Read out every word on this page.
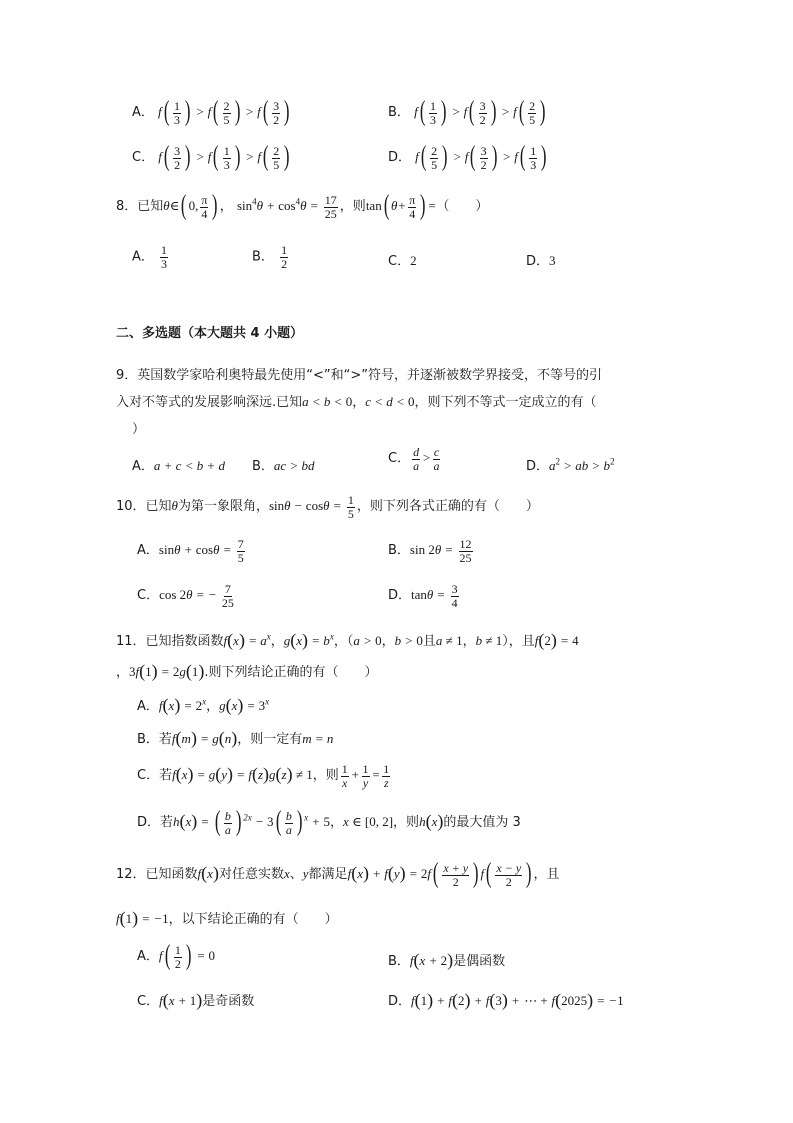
A． $f( \frac{1}{3}$ ) > $f( \frac{2}{5}$ ) > $f( \frac{3}{2}$ )	B． $f( \frac{1}{3}$ ) > $f( \frac{3}{2}$ ) > $f( \frac{2}{5}$ )
C． $f( \frac{3}{2}$ ) > $f( \frac{1}{3}$ ) > $f( \frac{2}{5}$ )	D． $f( \frac{2}{5}$ ) > $f( \frac{3}{2}$ ) > $f( \frac{1}{3}$ )
8．已知θ∈( 0, $\frac{\pi}{4}$ ) ， $\sin^4\theta + \cos^4\theta = \frac{17}{25}$ ，则tan( $\theta+ \frac{\pi}{4}$ ) =（　　）
A． $\frac{1}{3}$	B． $\frac{1}{2}$	C．2	D．3
二、多选题（本大题共 4 小题）
9．英国数学家哈利奥特最先使用“<”和“>”符号，并逐渐被数学界接受，不等号的引
入对不等式的发展影响深远.已知a < b < 0，c < d < 0，则下列不等式一定成立的有（
）
A．a + c < b + d B．ac > bd	C． $\frac{d}{a} > \frac{c}{a}$	D．$a^2$ > ab > $b^2$
10．已知θ为第一象限角，$\sin\theta - \cos\theta = \frac{1}{5}$ ，则下列各式正确的有（　　）
A．$\sin\theta + \cos\theta = \frac{7}{5}$	B．$\sin 2\theta = \frac{12}{25}$
C．cos 2θ = − $\frac{7}{25}$	D．$\tan\theta = \frac{3}{4}$
11．已知指数函数$f(x) = a^x$，$g(x) = b^x$，（a > 0，b > 0且a ≠ 1，b ≠ 1），且f(2) = 4
，3f(1) = 2g(1).则下列结论正确的有（　　）
A．$f(x) = 2^x$，$g(x) = 3^x$
B．若f(m) = g(n)，则一定有m = n
C．若f(x) = g(y) = f(z)g(z) ≠ 1，则 $\frac{1}{x} + \frac{1}{y} = \frac{1}{z}$
D．若h(x) = ( $\frac{b}{a}$ ) $^{2x} - 3( \frac{b}{a}$ ) $^x$ + 5，x ∈ [0, 2]，则h(x)的最大值为 3
12．已知函数f(x)对任意实数x、y都满足$f(x) + f(y) = 2f( \frac{x + y}{2}$ ) $f( \frac{x - y}{2}$ ) ，且
f(1) = −1，以下结论正确的有（　　）
A．$f( \frac{1}{2}$ ) = 0	B．f(x + 2)是偶函数
C．f(x + 1)是奇函数	D．f(1) + f(2) + f(3) + ⋯ + f(2025) = −1
